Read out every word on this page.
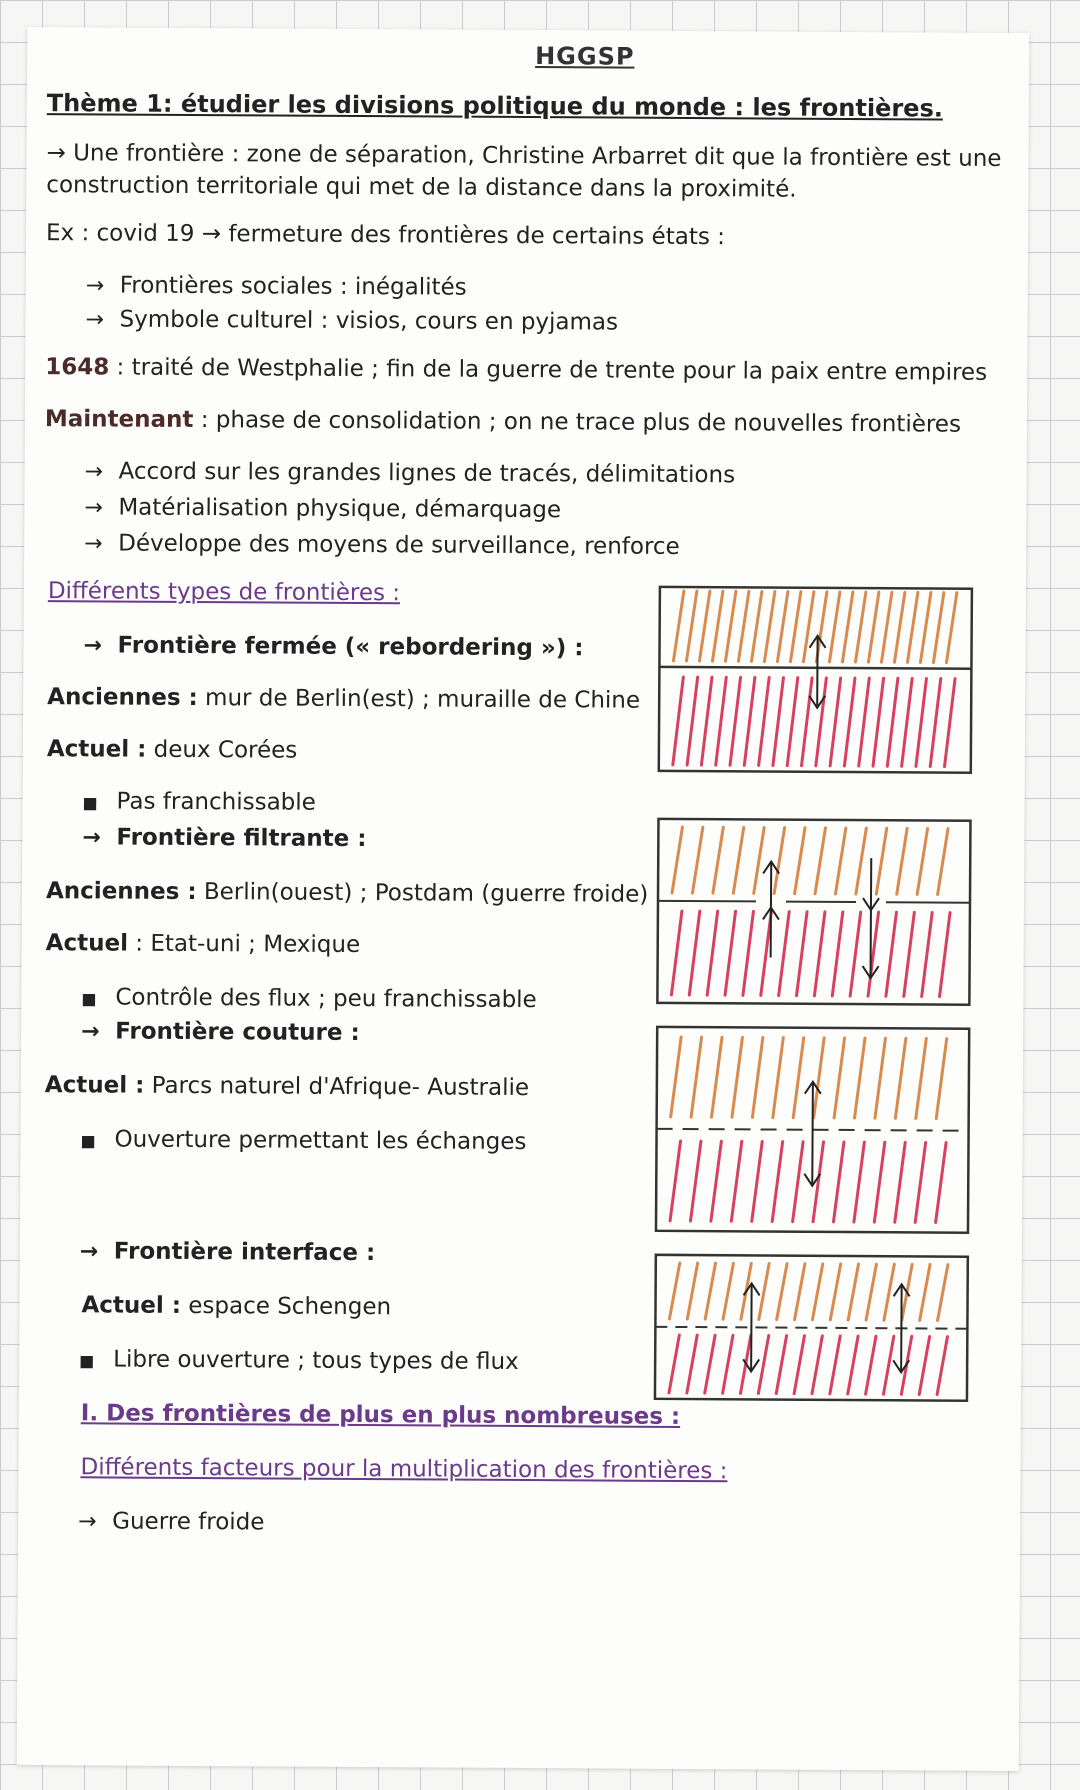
HGGSP
Thème 1: étudier les divisions politique du monde : les frontières.
→ Une frontière : zone de séparation, Christine Arbarret dit que la frontière est une
construction territoriale qui met de la distance dans la proximité.
Ex : covid 19 → fermeture des frontières de certains états :
→ Frontières sociales : inégalités
→ Symbole culturel : visios, cours en pyjamas
1648 : traité de Westphalie ; fin de la guerre de trente pour la paix entre empires
Maintenant : phase de consolidation ; on ne trace plus de nouvelles frontières
→ Accord sur les grandes lignes de tracés, délimitations
→ Matérialisation physique, démarquage
→ Développe des moyens de surveillance, renforce
Différents types de frontières :
→ Frontière fermée (« rebordering ») :
Anciennes : mur de Berlin(est) ; muraille de Chine
Actuel : deux Corées
■ Pas franchissable
→ Frontière filtrante :
Anciennes : Berlin(ouest) ; Postdam (guerre froide)
Actuel : Etat-uni ; Mexique
■ Contrôle des flux ; peu franchissable
→ Frontière couture :
Actuel : Parcs naturel d'Afrique- Australie
■ Ouverture permettant les échanges
→ Frontière interface :
Actuel : espace Schengen
■ Libre ouverture ; tous types de flux
I. Des frontières de plus en plus nombreuses :
Différents facteurs pour la multiplication des frontières :
→ Guerre froide
